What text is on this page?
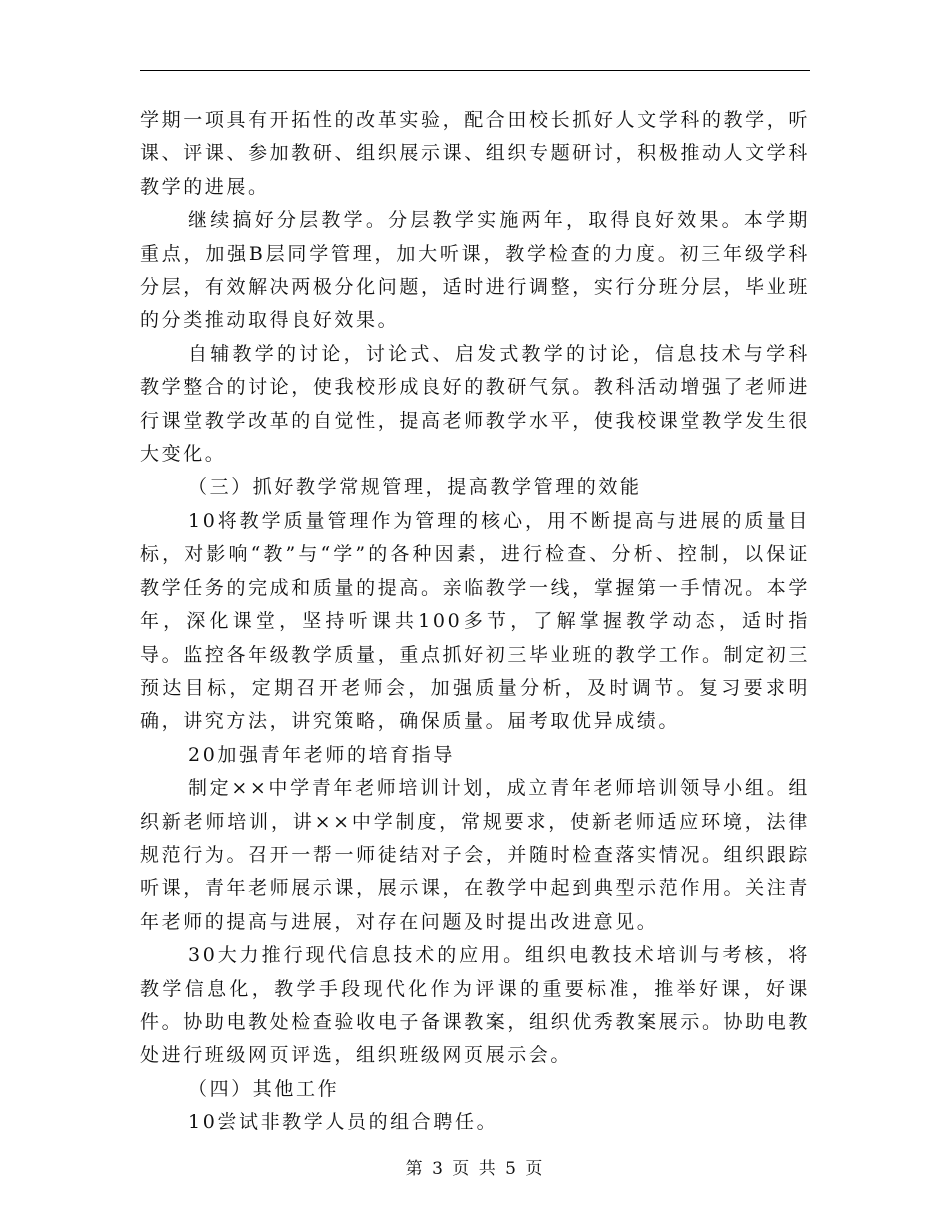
学期一项具有开拓性的改革实验，配合田校长抓好人文学科的教学，听课、评课、参加教研、组织展示课、组织专题研讨，积极推动人文学科教学的进展。

继续搞好分层教学。分层教学实施两年，取得良好效果。本学期重点，加强B层同学管理，加大听课，教学检查的力度。初三年级学科分层，有效解决两极分化问题，适时进行调整，实行分班分层，毕业班的分类推动取得良好效果。

自辅教学的讨论，讨论式、启发式教学的讨论，信息技术与学科教学整合的讨论，使我校形成良好的教研气氛。教科活动增强了老师进行课堂教学改革的自觉性，提高老师教学水平，使我校课堂教学发生很大变化。

（三）抓好教学常规管理，提高教学管理的效能

10将教学质量管理作为管理的核心，用不断提高与进展的质量目标，对影响“教”与“学”的各种因素，进行检查、分析、控制，以保证教学任务的完成和质量的提高。亲临教学一线，掌握第一手情况。本学年，深化课堂，坚持听课共100多节，了解掌握教学动态，适时指导。监控各年级教学质量，重点抓好初三毕业班的教学工作。制定初三预达目标，定期召开老师会，加强质量分析，及时调节。复习要求明确，讲究方法，讲究策略，确保质量。届考取优异成绩。

20加强青年老师的培育指导

制定××中学青年老师培训计划，成立青年老师培训领导小组。组织新老师培训，讲××中学制度，常规要求，使新老师适应环境，法律规范行为。召开一帮一师徒结对子会，并随时检查落实情况。组织跟踪听课，青年老师展示课，展示课，在教学中起到典型示范作用。关注青年老师的提高与进展，对存在问题及时提出改进意见。

30大力推行现代信息技术的应用。组织电教技术培训与考核，将教学信息化，教学手段现代化作为评课的重要标准，推举好课，好课件。协助电教处检查验收电子备课教案，组织优秀教案展示。协助电教处进行班级网页评选，组织班级网页展示会。

（四）其他工作

10尝试非教学人员的组合聘任。

第 3 页 共 5 页
